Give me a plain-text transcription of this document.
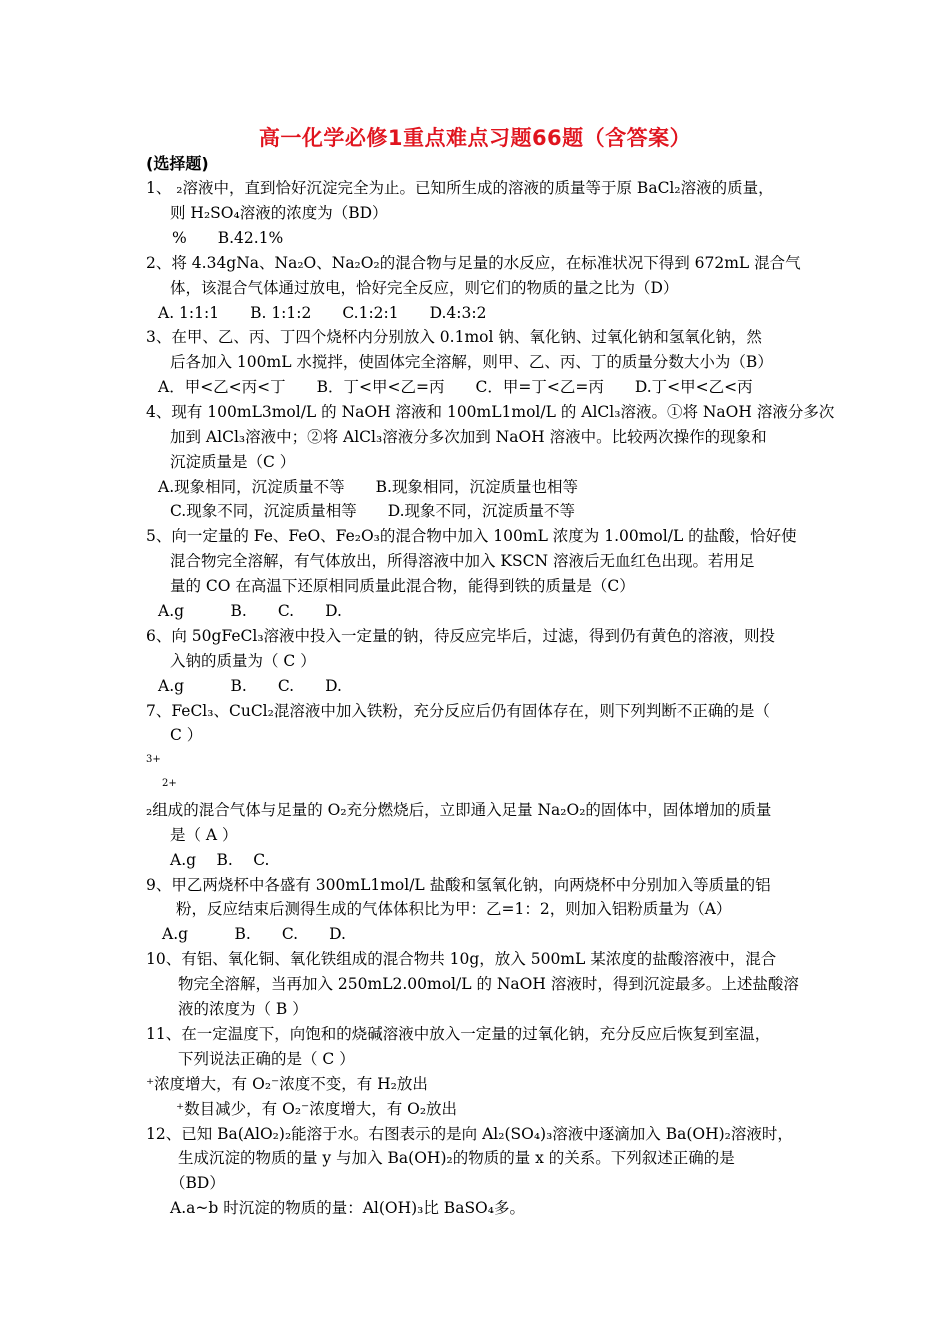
高一化学必修1重点难点习题66题（含答案）
(选择题)
1、 ₂溶液中，直到恰好沉淀完全为止。已知所生成的溶液的质量等于原 BaCl₂溶液的质量，
则 H₂SO₄溶液的浓度为（BD）
%　　B.42.1%
2、将 4.34gNa、Na₂O、Na₂O₂的混合物与足量的水反应，在标准状况下得到 672mL 混合气
体，该混合气体通过放电，恰好完全反应，则它们的物质的量之比为（D）
A. 1:1:1　　B. 1:1:2　　C.1:2:1　　D.4:3:2
3、在甲、乙、丙、丁四个烧杯内分别放入 0.1mol 钠、氧化钠、过氧化钠和氢氧化钠，然
后各加入 100mL 水搅拌，使固体完全溶解，则甲、乙、丙、丁的质量分数大小为（B）
A．甲<乙<丙<丁　　B．丁<甲<乙=丙　　C．甲=丁<乙=丙　　D.丁<甲<乙<丙
4、现有 100mL3mol/L 的 NaOH 溶液和 100mL1mol/L 的 AlCl₃溶液。①将 NaOH 溶液分多次
加到 AlCl₃溶液中；②将 AlCl₃溶液分多次加到 NaOH 溶液中。比较两次操作的现象和
沉淀质量是（C ）
A.现象相同，沉淀质量不等　　B.现象相同，沉淀质量也相等
C.现象不同，沉淀质量相等　　D.现象不同，沉淀质量不等
5、向一定量的 Fe、FeO、Fe₂O₃的混合物中加入 100mL 浓度为 1.00mol/L 的盐酸，恰好使
混合物完全溶解，有气体放出，所得溶液中加入 KSCN 溶液后无血红色出现。若用足
量的 CO 在高温下还原相同质量此混合物，能得到铁的质量是（C）
A.g　　　B.　　C.　　D.
6、向 50gFeCl₃溶液中投入一定量的钠，待反应完毕后，过滤，得到仍有黄色的溶液，则投
入钠的质量为（ C ）
A.g　　　B.　　C.　　D.
7、FeCl₃、CuCl₂混溶液中加入铁粉，充分反应后仍有固体存在，则下列判断不正确的是（
C ）
3+
2+
₂组成的混合气体与足量的 O₂充分燃烧后，立即通入足量 Na₂O₂的固体中，固体增加的质量
是（ A ）
A.g　 B.　 C.
9、甲乙两烧杯中各盛有 300mL1mol/L 盐酸和氢氧化钠，向两烧杯中分别加入等质量的铝
粉，反应结束后测得生成的气体体积比为甲：乙=1：2，则加入铝粉质量为（A）
A.g　　　B.　　C.　　D.
10、有铝、氧化铜、氧化铁组成的混合物共 10g，放入 500mL 某浓度的盐酸溶液中，混合
物完全溶解，当再加入 250mL2.00mol/L 的 NaOH 溶液时，得到沉淀最多。上述盐酸溶
液的浓度为（ B ）
11、在一定温度下，向饱和的烧碱溶液中放入一定量的过氧化钠，充分反应后恢复到室温，
下列说法正确的是（ C ）
⁺浓度增大，有 O₂⁻浓度不变，有 H₂放出
⁺数目减少，有 O₂⁻浓度增大，有 O₂放出
12、已知 Ba(AlO₂)₂能溶于水。右图表示的是向 Al₂(SO₄)₃溶液中逐滴加入 Ba(OH)₂溶液时，
生成沉淀的物质的量 y 与加入 Ba(OH)₂的物质的量 x 的关系。下列叙述正确的是
（BD）
A.a~b 时沉淀的物质的量：Al(OH)₃比 BaSO₄多。
